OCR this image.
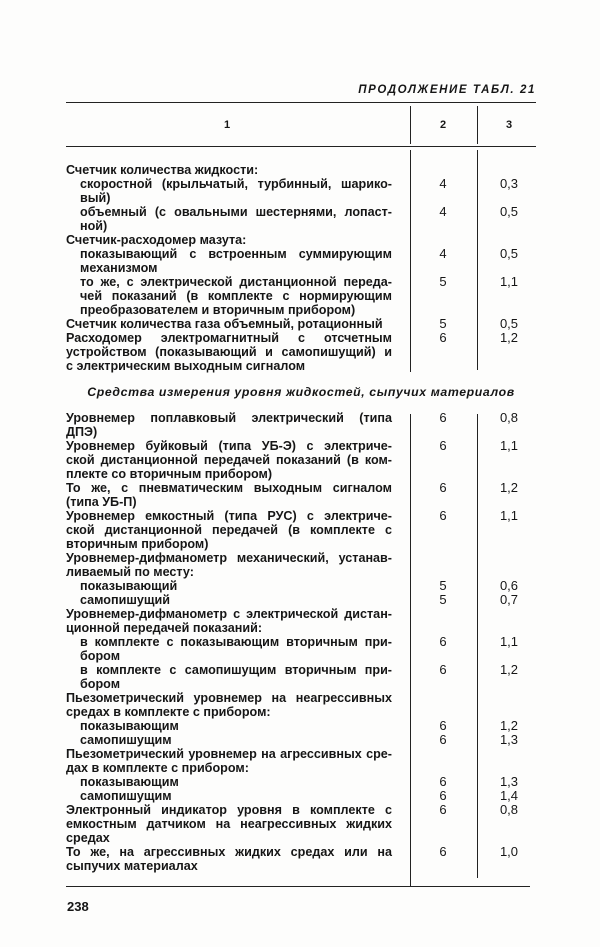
ПРОДОЛЖЕНИЕ ТАБЛ. 21
1	2	3
Счетчик количества жидкости:
скоростной (крыльчатый, турбинный, шарико-
вый)
4	0,3
объемный (с овальными шестернями, лопаст-
ной)
4	0,5
Счетчик-расходомер мазута:
показывающий с встроенным суммирующим
механизмом
4	0,5
то же, с электрической дистанционной переда-
чей показаний (в комплекте с нормирующим
преобразователем и вторичным прибором)
5	1,1
Счетчик количества газа объемный, ротационный	5	0,5
Расходомер электромагнитный с отсчетным
устройством (показывающий и самопишущий) и
с электрическим выходным сигналом
6	1,2
Средства измерения уровня жидкостей, сыпучих материалов
Уровнемер поплавковый электрический (типа
ДПЭ)
6	0,8
Уровнемер буйковый (типа УБ-Э) с электриче-
ской дистанционной передачей показаний (в ком-
плекте со вторичным прибором)
6	1,1
То же, с пневматическим выходным сигналом
(типа УБ-П)
6	1,2
Уровнемер емкостный (типа РУС) с электриче-
ской дистанционной передачей (в комплекте с
вторичным прибором)
6	1,1
Уровнемер-дифманометр механический, устанав-
ливаемый по месту:
показывающий	5	0,6
самопишущий	5	0,7
Уровнемер-дифманометр с электрической дистан-
ционной передачей показаний:
в комплекте с показывающим вторичным при-
бором
6	1,1
в комплекте с самопишущим вторичным при-
бором
6	1,2
Пьезометрический уровнемер на неагрессивных
средах в комплекте с прибором:
показывающим	6	1,2
самопишущим	6	1,3
Пьезометрический уровнемер на агрессивных сре-
дах в комплекте с прибором:
показывающим	6	1,3
самопишущим	6	1,4
Электронный индикатор уровня в комплекте с
емкостным датчиком на неагрессивных жидких
средах
6	0,8
То же, на агрессивных жидких средах или на
сыпучих материалах
6	1,0
238
